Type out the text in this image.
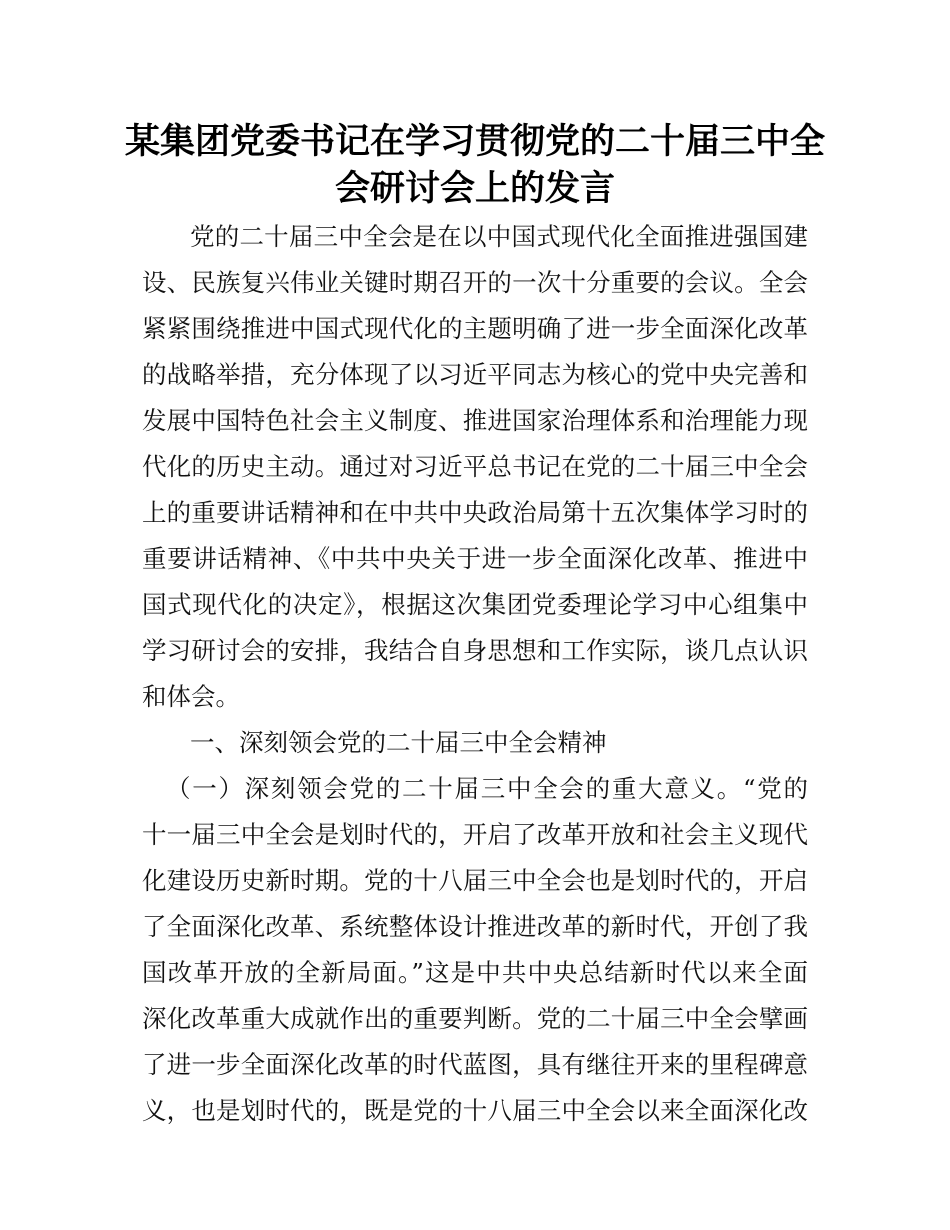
某集团党委书记在学习贯彻党的二十届三中全
会研讨会上的发言
党的二十届三中全会是在以中国式现代化全面推进强国建
设、民族复兴伟业关键时期召开的一次十分重要的会议。全会
紧紧围绕推进中国式现代化的主题明确了进一步全面深化改革
的战略举措，充分体现了以习近平同志为核心的党中央完善和
发展中国特色社会主义制度、推进国家治理体系和治理能力现
代化的历史主动。通过对习近平总书记在党的二十届三中全会
上的重要讲话精神和在中共中央政治局第十五次集体学习时的
重要讲话精神、《中共中央关于进一步全面深化改革、推进中
国式现代化的决定》，根据这次集团党委理论学习中心组集中
学习研讨会的安排，我结合自身思想和工作实际，谈几点认识
和体会。
一、深刻领会党的二十届三中全会精神
（一）深刻领会党的二十届三中全会的重大意义。“党的
十一届三中全会是划时代的，开启了改革开放和社会主义现代
化建设历史新时期。党的十八届三中全会也是划时代的，开启
了全面深化改革、系统整体设计推进改革的新时代，开创了我
国改革开放的全新局面。”这是中共中央总结新时代以来全面
深化改革重大成就作出的重要判断。党的二十届三中全会擘画
了进一步全面深化改革的时代蓝图，具有继往开来的里程碑意
义，也是划时代的，既是党的十八届三中全会以来全面深化改
